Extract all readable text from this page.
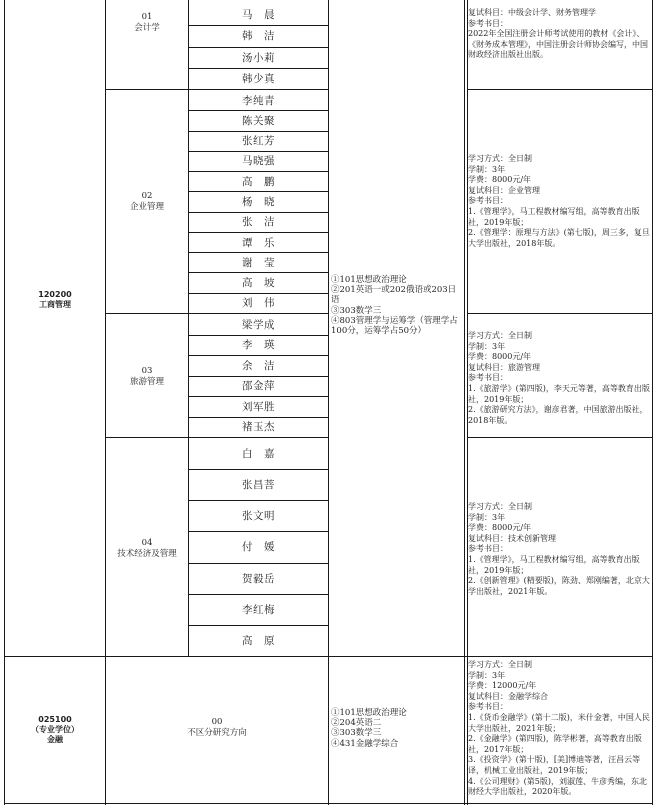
120200
工商管理
①101思想政治理论
②201英语一或202俄语或203日语
③303数学三
④803管理学与运筹学（管理学占100分，运筹学占50分）
01
会计学
复试科目：中级会计学、财务管理学
参考书目：
2022年全国注册会计师考试使用的教材《会计》、《财务成本管理》，中国注册会计师协会编写，中国财政经济出版社出版。
02
企业管理
学习方式：全日制
学制：3年
学费：8000元/年
复试科目：企业管理
参考书目：
1.《管理学》，马工程教材编写组，高等教育出版社，2019年版；
2.《管理学：原理与方法》(第七版)，周三多，复旦大学出版社，2018年版。
03
旅游管理
学习方式：全日制
学制：3年
学费：8000元/年
复试科目：旅游管理
参考书目：
1.《旅游学》(第四版)，李天元等著，高等教育出版社，2019年版；
2.《旅游研究方法》，谢彦君著，中国旅游出版社，2018年版。
04
技术经济及管理
学习方式：全日制
学制：3年
学费：8000元/年
复试科目：技术创新管理
参考书目：
1.《管理学》，马工程教材编写组，高等教育出版社，2019年版；
2.《创新管理》(精要版)，陈劲、郑刚编著，北京大学出版社，2021年版。
马　晨
韩　洁
汤小莉
韩少真
李纯青
陈关聚
张红芳
马晓强
高　鹏
杨　晓
张　洁
谭　乐
谢　莹
高　坡
刘　伟
梁学成
李　瑛
余　洁
邵金萍
刘军胜
褚玉杰
白　嘉
张昌菩
张文明
付　媛
贺毅岳
李红梅
高　原
025100
（专业学位）
金融
00
不区分研究方向
①101思想政治理论
②204英语二
③303数学三
④431金融学综合
学习方式：全日制
学制：3年
学费：12000元/年
复试科目：金融学综合
参考书目：
1.《货币金融学》(第十二版)，米什金著，中国人民大学出版社，2021年版；
2.《金融学》(第四版)，陈学彬著，高等教育出版社，2017年版；
3.《投资学》(第十版)，[美]博迪等著，汪昌云等译，机械工业出版社，2019年版；
4.《公司理财》(第5版)，刘淑莲、牛彦秀编，东北财经大学出版社，2020年版。
